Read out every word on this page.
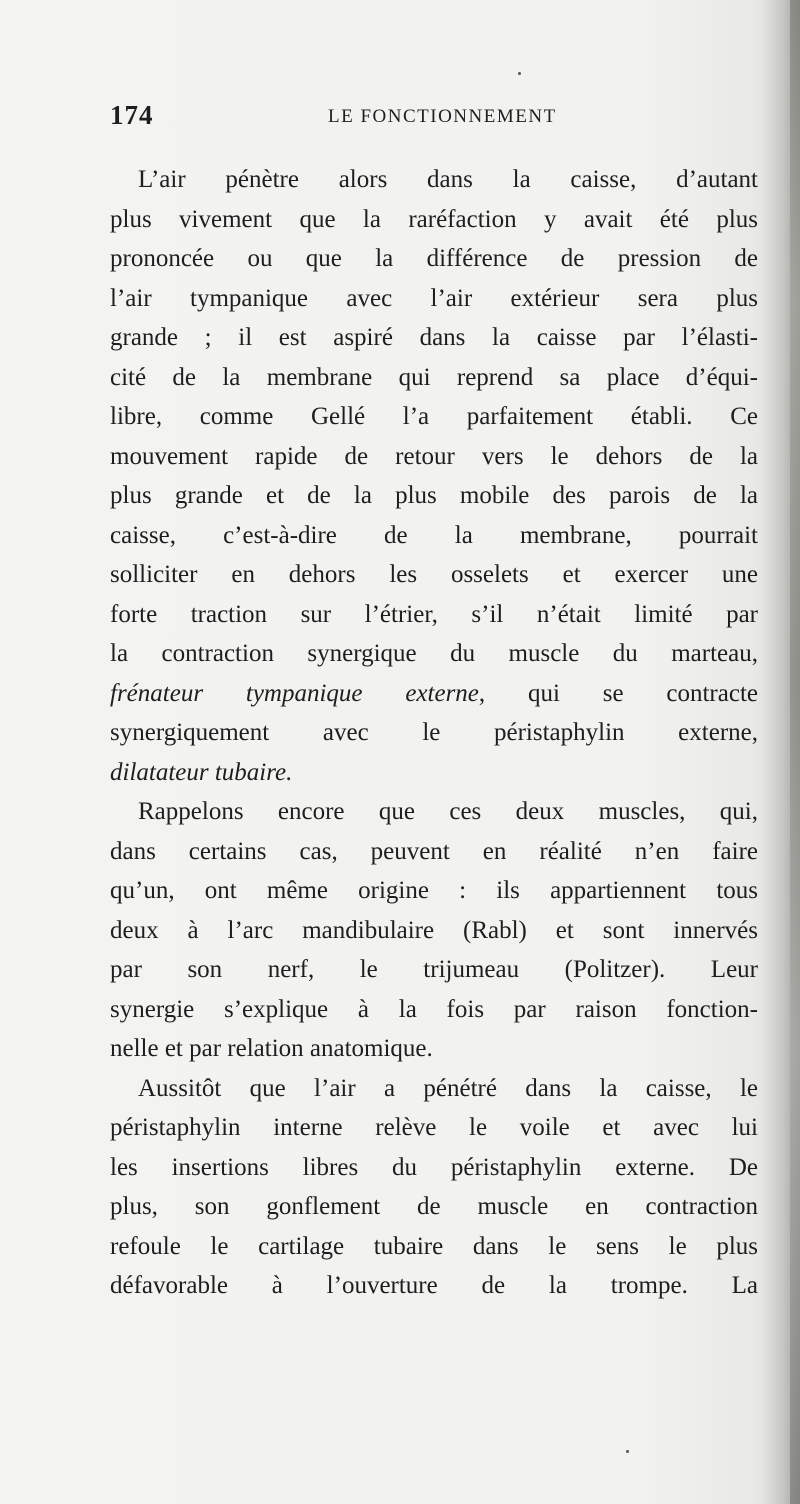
174	LE FONCTIONNEMENT
L’air pénètre alors dans la caisse, d’autant
plus vivement que la raréfaction y avait été plus
prononcée ou que la différence de pression de
l’air tympanique avec l’air extérieur sera plus
grande ; il est aspiré dans la caisse par l’élasti-
cité de la membrane qui reprend sa place d’équi-
libre, comme Gellé l’a parfaitement établi. Ce
mouvement rapide de retour vers le dehors de la
plus grande et de la plus mobile des parois de la
caisse, c’est-à-dire de la membrane, pourrait
solliciter en dehors les osselets et exercer une
forte traction sur l’étrier, s’il n’était limité par
la contraction synergique du muscle du marteau,
frénateur tympanique externe, qui se contracte
synergiquement avec le péristaphylin externe,
dilatateur tubaire.
Rappelons encore que ces deux muscles, qui,
dans certains cas, peuvent en réalité n’en faire
qu’un, ont même origine : ils appartiennent tous
deux à l’arc mandibulaire (Rabl) et sont innervés
par son nerf, le trijumeau (Politzer). Leur
synergie s’explique à la fois par raison fonction-
nelle et par relation anatomique.
Aussitôt que l’air a pénétré dans la caisse, le
péristaphylin interne relève le voile et avec lui
les insertions libres du péristaphylin externe. De
plus, son gonflement de muscle en contraction
refoule le cartilage tubaire dans le sens le plus
défavorable à l’ouverture de la trompe. La
